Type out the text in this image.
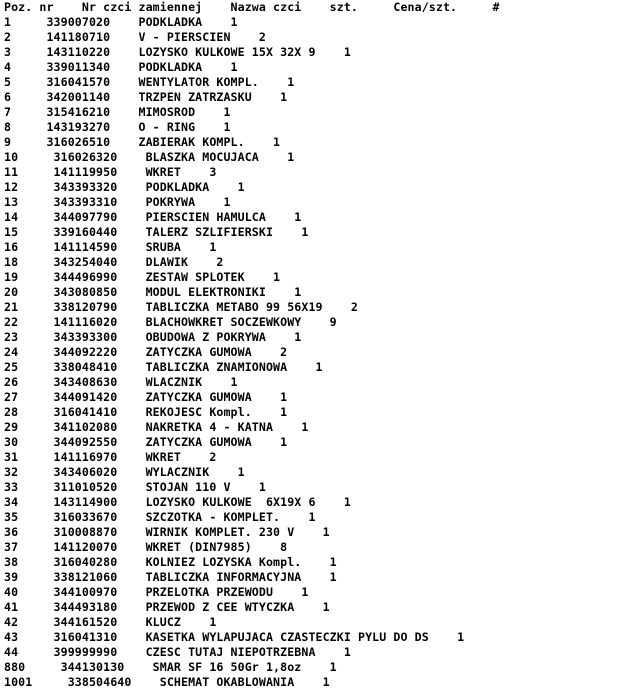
Poz. nr    Nr czci zamiennej    Nazwa czci    szt.     Cena/szt.     #
1     339007020    PODKLADKA    1
2     141180710    V - PIERSCIEN    2
3     143110220    LOZYSKO KULKOWE 15X 32X 9    1
4     339011340    PODKLADKA    1
5     316041570    WENTYLATOR KOMPL.    1
6     342001140    TRZPEN ZATRZASKU    1
7     315416210    MIMOSROD    1
8     143193270    O - RING    1
9     316026510    ZABIERAK KOMPL.    1
10     316026320    BLASZKA MOCUJACA    1
11     141119950    WKRET    3
12     343393320    PODKLADKA    1
13     343393310    POKRYWA    1
14     344097790    PIERSCIEN HAMULCA    1
15     339160440    TALERZ SZLIFIERSKI    1
16     141114590    SRUBA    1
18     343254040    DLAWIK    2
19     344496990    ZESTAW SPLOTEK    1
20     343080850    MODUL ELEKTRONIKI    1
21     338120790    TABLICZKA METABO 99 56X19    2
22     141116020    BLACHOWKRET SOCZEWKOWY    9
23     343393300    OBUDOWA Z POKRYWA    1
24     344092220    ZATYCZKA GUMOWA    2
25     338048410    TABLICZKA ZNAMIONOWA    1
26     343408630    WLACZNIK    1
27     344091420    ZATYCZKA GUMOWA    1
28     316041410    REKOJESC Kompl.    1
29     341102080    NAKRETKA 4 - KATNA    1
30     344092550    ZATYCZKA GUMOWA    1
31     141116970    WKRET    2
32     343406020    WYLACZNIK    1
33     311010520    STOJAN 110 V    1
34     143114900    LOZYSKO KULKOWE  6X19X 6    1
35     316033670    SZCZOTKA - KOMPLET.    1
36     310008870    WIRNIK KOMPLET. 230 V    1
37     141120070    WKRET (DIN7985)    8
38     316040280    KOLNIEZ LOZYSKA Kompl.    1
39     338121060    TABLICZKA INFORMACYJNA    1
40     344100970    PRZELOTKA PRZEWODU    1
41     344493180    PRZEWOD Z CEE WTYCZKA    1
42     344161520    KLUCZ    1
43     316041310    KASETKA WYLAPUJACA CZASTECZKI PYLU DO DS    1
44     399999990    CZESC TUTAJ NIEPOTRZEBNA    1
880     344130130    SMAR SF 16 50Gr 1,8oz    1
1001     338504640    SCHEMAT OKABLOWANIA    1
